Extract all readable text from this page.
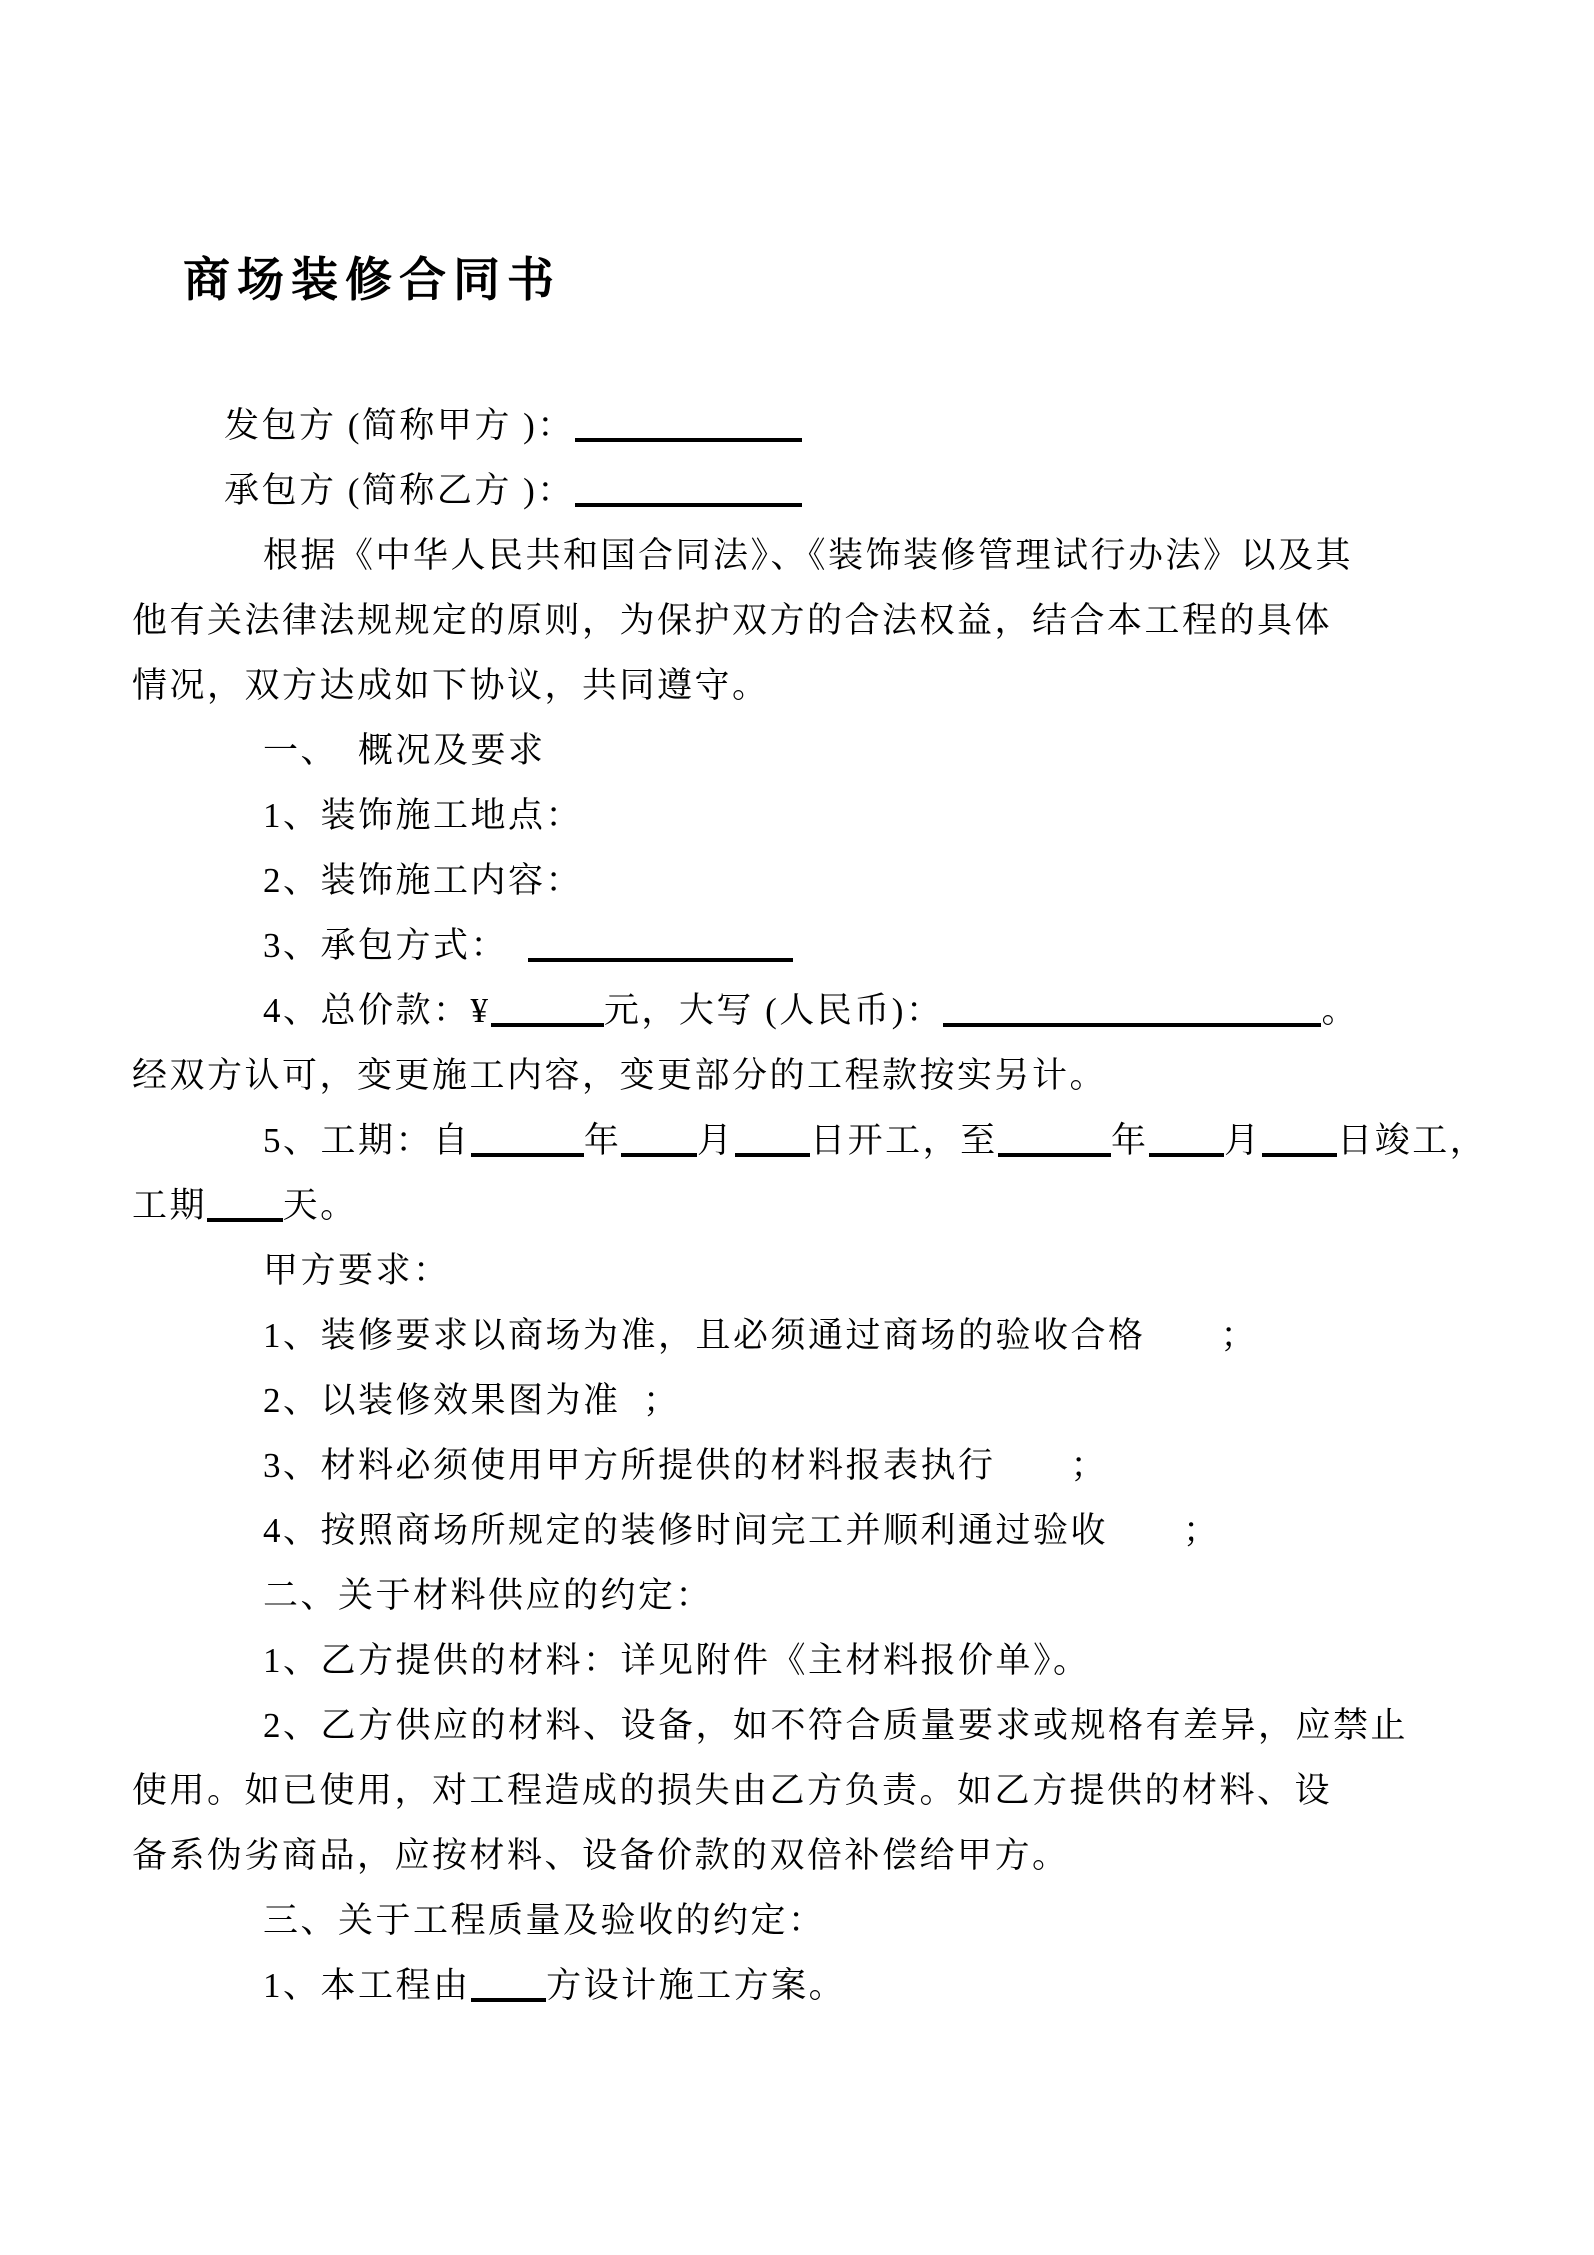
商场装修合同书
发包方 (简称甲方 )：
承包方 (简称乙方 )：
根据《中华人民共和国合同法》、《装饰装修管理试行办法》以及其
他有关法律法规规定的原则，为保护双方的合法权益，结合本工程的具体
情况，双方达成如下协议，共同遵守。
一、　概况及要求
1、装饰施工地点：
2、装饰施工内容：
3、承包方式：　
4、总价款：¥	元，大写 (人民币)：	。
经双方认可，变更施工内容，变更部分的工程款按实另计。
5、工期：自	年 月 日开工，至	年 月 日竣工，
工期 天。
甲方要求：
1、装修要求以商场为准，且必须通过商场的验收合格　　；
2、以装修效果图为准  ；
3、材料必须使用甲方所提供的材料报表执行　　；
4、按照商场所规定的装修时间完工并顺利通过验收　　；
二、关于材料供应的约定：
1、乙方提供的材料：详见附件《主材料报价单》。
2、乙方供应的材料、设备，如不符合质量要求或规格有差异，应禁止
使用。如已使用，对工程造成的损失由乙方负责。如乙方提供的材料、设
备系伪劣商品，应按材料、设备价款的双倍补偿给甲方。
三、关于工程质量及验收的约定：
1、本工程由 方设计施工方案。
